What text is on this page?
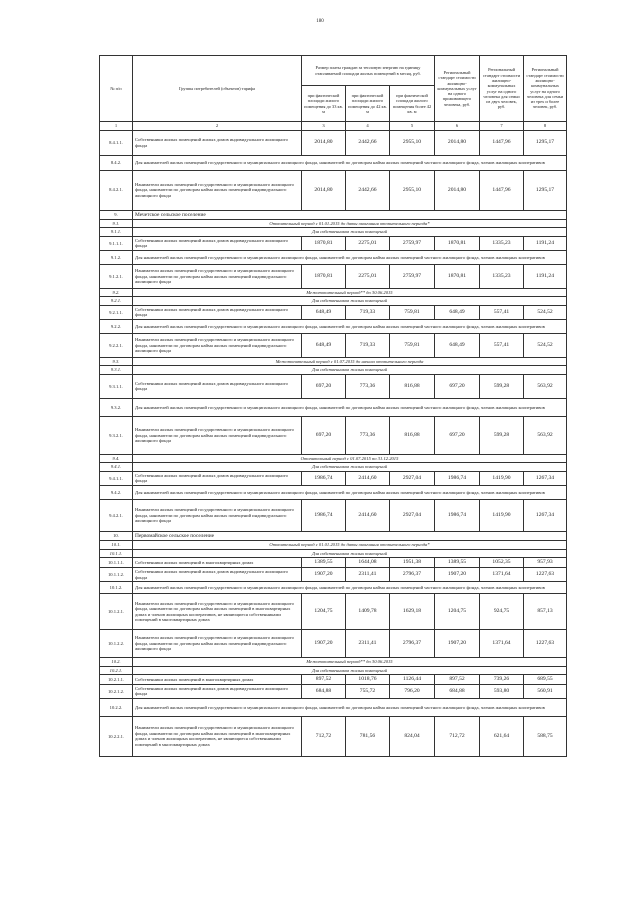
180
№ п/п	Группы потребителей (объектов) тарифа	Размер платы граждан за тепловую энергию на единицу отапливаемой площади жилых помещений в месяц, руб.			Региональный стандарт стоимости жилищно-коммунальных услуг на одного проживающего человека, руб.	Региональный стандарт стоимости жилищно-коммунальных услуг на одного человека для семьи из двух человек, руб.	Региональный стандарт стоимости жилищно-коммунальных услуг на одного человека для семьи из трех и более человек, руб.
		при фактической площади жилого помещения до 33 кв. м	при фактической площади жилого помещения до 42 кв. м	при фактической площади жилого помещения более 42 кв. м			
1	2	3	4	5	6	7	8
8.4.1.1.	Собственники жилых помещений жилых домов индивидуального жилищного фонда	2014,80	2442,66	2955,10	2014,80	1447,96	1295,17
8.4.2.	Для нанимателей жилых помещений государственного и муниципального жилищного фонда, нанимателей по договорам найма жилых помещений частного жилищного фонда, членов жилищных кооперативов						
8.4.2.1.	Наниматели жилых помещений государственного и муниципального жилищного фонда, наниматели по договорам найма жилых помещений индивидуального жилищного фонда	2014,80	2442,66	2955,10	2014,80	1447,96	1295,17
9.	Мечетское сельское поселение						
9.1.	Отопительный период с 01.01.2015 до даты окончания отопительного периода*						
9.1.1.	Для собственников жилых помещений						
9.1.1.1.	Собственники жилых помещений жилых домов индивидуального жилищного фонда	1870,81	2275,01	2759,97	1870,81	1335,23	1191,24
9.1.2.	Для нанимателей жилых помещений государственного и муниципального жилищного фонда, нанимателей по договорам найма жилых помещений частного жилищного фонда, членов жилищных кооперативов						
9.1.2.1.	Наниматели жилых помещений государственного и муниципального жилищного фонда, наниматели по договорам найма жилых помещений индивидуального жилищного фонда	1870,81	2275,01	2759,97	1870,81	1335,23	1191,24
9.2.	Межотопительный период** до 30.06.2015						
9.2.1.	Для собственников жилых помещений						
9.2.1.1.	Собственники жилых помещений жилых домов индивидуального жилищного фонда	648,49	719,33	759,81	648,49	557,41	524,52
9.2.2.	Для нанимателей жилых помещений государственного и муниципального жилищного фонда, нанимателей по договорам найма жилых помещений частного жилищного фонда, членов жилищных кооперативов						
9.2.2.1.	Наниматели жилых помещений государственного и муниципального жилищного фонда, наниматели по договорам найма жилых помещений индивидуального жилищного фонда	648,49	719,33	759,81	648,49	557,41	524,52
9.3.	Межотопительный период с 01.07.2015 до начала отопительного периода						
9.3.1.	Для собственников жилых помещений						
9.3.1.1.	Собственники жилых помещений жилых домов индивидуального жилищного фонда	697,20	773,36	816,88	697,20	599,28	563,92
9.3.2.	Для нанимателей жилых помещений государственного и муниципального жилищного фонда, нанимателей по договорам найма жилых помещений частного жилищного фонда, членов жилищных кооперативов						
9.3.2.1.	Наниматели жилых помещений государственного и муниципального жилищного фонда, наниматели по договорам найма жилых помещений индивидуального жилищного фонда	697,20	773,36	816,88	697,20	599,28	563,92
9.4.	Отопительный период с 01.07.2015 по 31.12.2015						
9.4.1.	Для собственников жилых помещений						
9.4.1.1.	Собственники жилых помещений жилых домов индивидуального жилищного фонда	1986,74	2414,60	2927,04	1986,74	1419,90	1267,34
9.4.2.	Для нанимателей жилых помещений государственного и муниципального жилищного фонда, нанимателей по договорам найма жилых помещений частного жилищного фонда, членов жилищных кооперативов						
9.4.2.1.	Наниматели жилых помещений государственного и муниципального жилищного фонда, наниматели по договорам найма жилых помещений индивидуального жилищного фонда	1986,74	2414,60	2927,04	1986,74	1419,90	1267,34
10.	Первомайское сельское поселение						
10.1.	Отопительный период с 01.01.2015 до даты окончания отопительного периода*						
10.1.1.	Для собственников жилых помещений						
10.1.1.1.	Собственники жилых помещений в многоквартирных домах	1389,55	1644,08	1951,38	1389,55	1052,35	957,93
10.1.1.2.	Собственники жилых помещений жилых домов индивидуального жилищного фонда	1907,20	2311,41	2796,37	1907,20	1371,64	1227,63
10.1.2.	Для нанимателей жилых помещений государственного и муниципального жилищного фонда, нанимателей по договорам найма жилых помещений частного жилищного фонда, членов жилищных кооперативов						
10.1.2.1.	Наниматели жилых помещений государственного и муниципального жилищного фонда, наниматели по договорам найма жилых помещений в многоквартирных домах и членов жилищных кооперативов, не являющиеся собственниками помещений в многоквартирных домах	1204,75	1409,78	1629,18	1204,75	924,75	857,13
10.1.2.2.	Наниматели жилых помещений государственного и муниципального жилищного фонда, наниматели по договорам найма жилых помещений индивидуального жилищного фонда	1907,20	2311,41	2796,37	1907,20	1371,64	1227,63
10.2.	Межотопительный период** до 30.06.2015						
10.2.1.	Для собственников жилых помещений						
10.2.1.1.	Собственники жилых помещений в многоквартирных домах	897,52	1018,76	1126,44	897,52	739,26	689,55
10.2.1.2.	Собственники жилых помещений жилых домов индивидуального жилищного фонда	684,88	755,72	796,20	684,88	593,80	560,91
10.2.2.	Для нанимателей жилых помещений государственного и муниципального жилищного фонда, нанимателей по договорам найма жилых помещений частного жилищного фонда, членов жилищных кооперативов						
10.2.2.1.	Наниматели жилых помещений государственного и муниципального жилищного фонда, наниматели по договорам найма жилых помещений в многоквартирных домах и членов жилищных кооперативов, не являющиеся собственниками помещений в многоквартирных домах	712,72	781,56	824,04	712,72	621,64	588,75
